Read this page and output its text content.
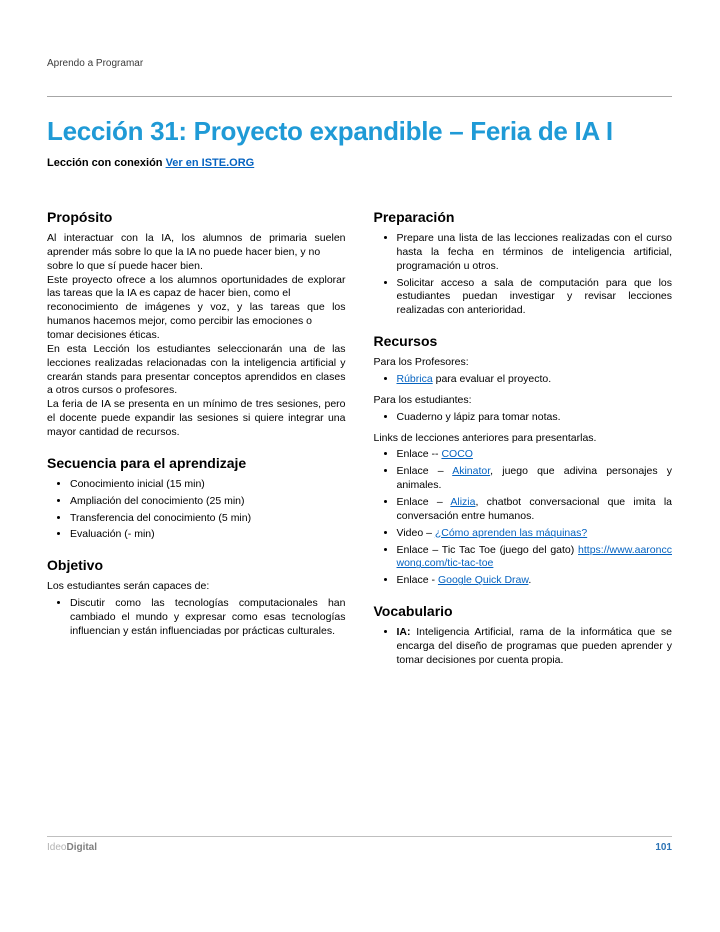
Aprendo a Programar
Lección 31: Proyecto expandible – Feria de IA I
Lección con conexión Ver en ISTE.ORG
Propósito
Al interactuar con la IA, los alumnos de primaria suelen aprender más sobre lo que la IA no puede hacer bien, y no
sobre lo que sí puede hacer bien.
Este proyecto ofrece a los alumnos oportunidades de explorar las tareas que la IA es capaz de hacer bien, como el
reconocimiento de imágenes y voz, y las tareas que los humanos hacemos mejor, como percibir las emociones o
tomar decisiones éticas.
En esta Lección los estudiantes seleccionarán una de las lecciones realizadas relacionadas con la inteligencia artificial y crearán stands para presentar conceptos aprendidos en clases a otros cursos o profesores.
La feria de IA se presenta en un mínimo de tres sesiones, pero el docente puede expandir las sesiones si quiere integrar una mayor cantidad de recursos.
Secuencia para el aprendizaje
• Conocimiento inicial (15 min)
• Ampliación del conocimiento (25 min)
• Transferencia del conocimiento (5 min)
• Evaluación (- min)
Objetivo
Los estudiantes serán capaces de:
• Discutir como las tecnologías computacionales han cambiado el mundo y expresar como esas tecnologías influencian y están influenciadas por prácticas culturales.
Preparación
• Prepare una lista de las lecciones realizadas con el curso hasta la fecha en términos de inteligencia artificial, programación u otros.
• Solicitar acceso a sala de computación para que los estudiantes puedan investigar y revisar lecciones realizadas con anterioridad.
Recursos
Para los Profesores:
• Rúbrica para evaluar el proyecto.
Para los estudiantes:
• Cuaderno y lápiz para tomar notas.
Links de lecciones anteriores para presentarlas.
• Enlace -- COCO
• Enlace – Akinator, juego que adivina personajes y animales.
• Enlace – Alizia, chatbot conversacional que imita la conversación entre humanos.
• Video – ¿Cómo aprenden las máquinas?
• Enlace – Tic Tac Toe (juego del gato) https://www.aaronccwong.com/tic-tac-toe
• Enlace - Google Quick Draw.
Vocabulario
• IA: Inteligencia Artificial, rama de la informática que se encarga del diseño de programas que pueden aprender y tomar decisiones por cuenta propia.
IdeoDigital	101
